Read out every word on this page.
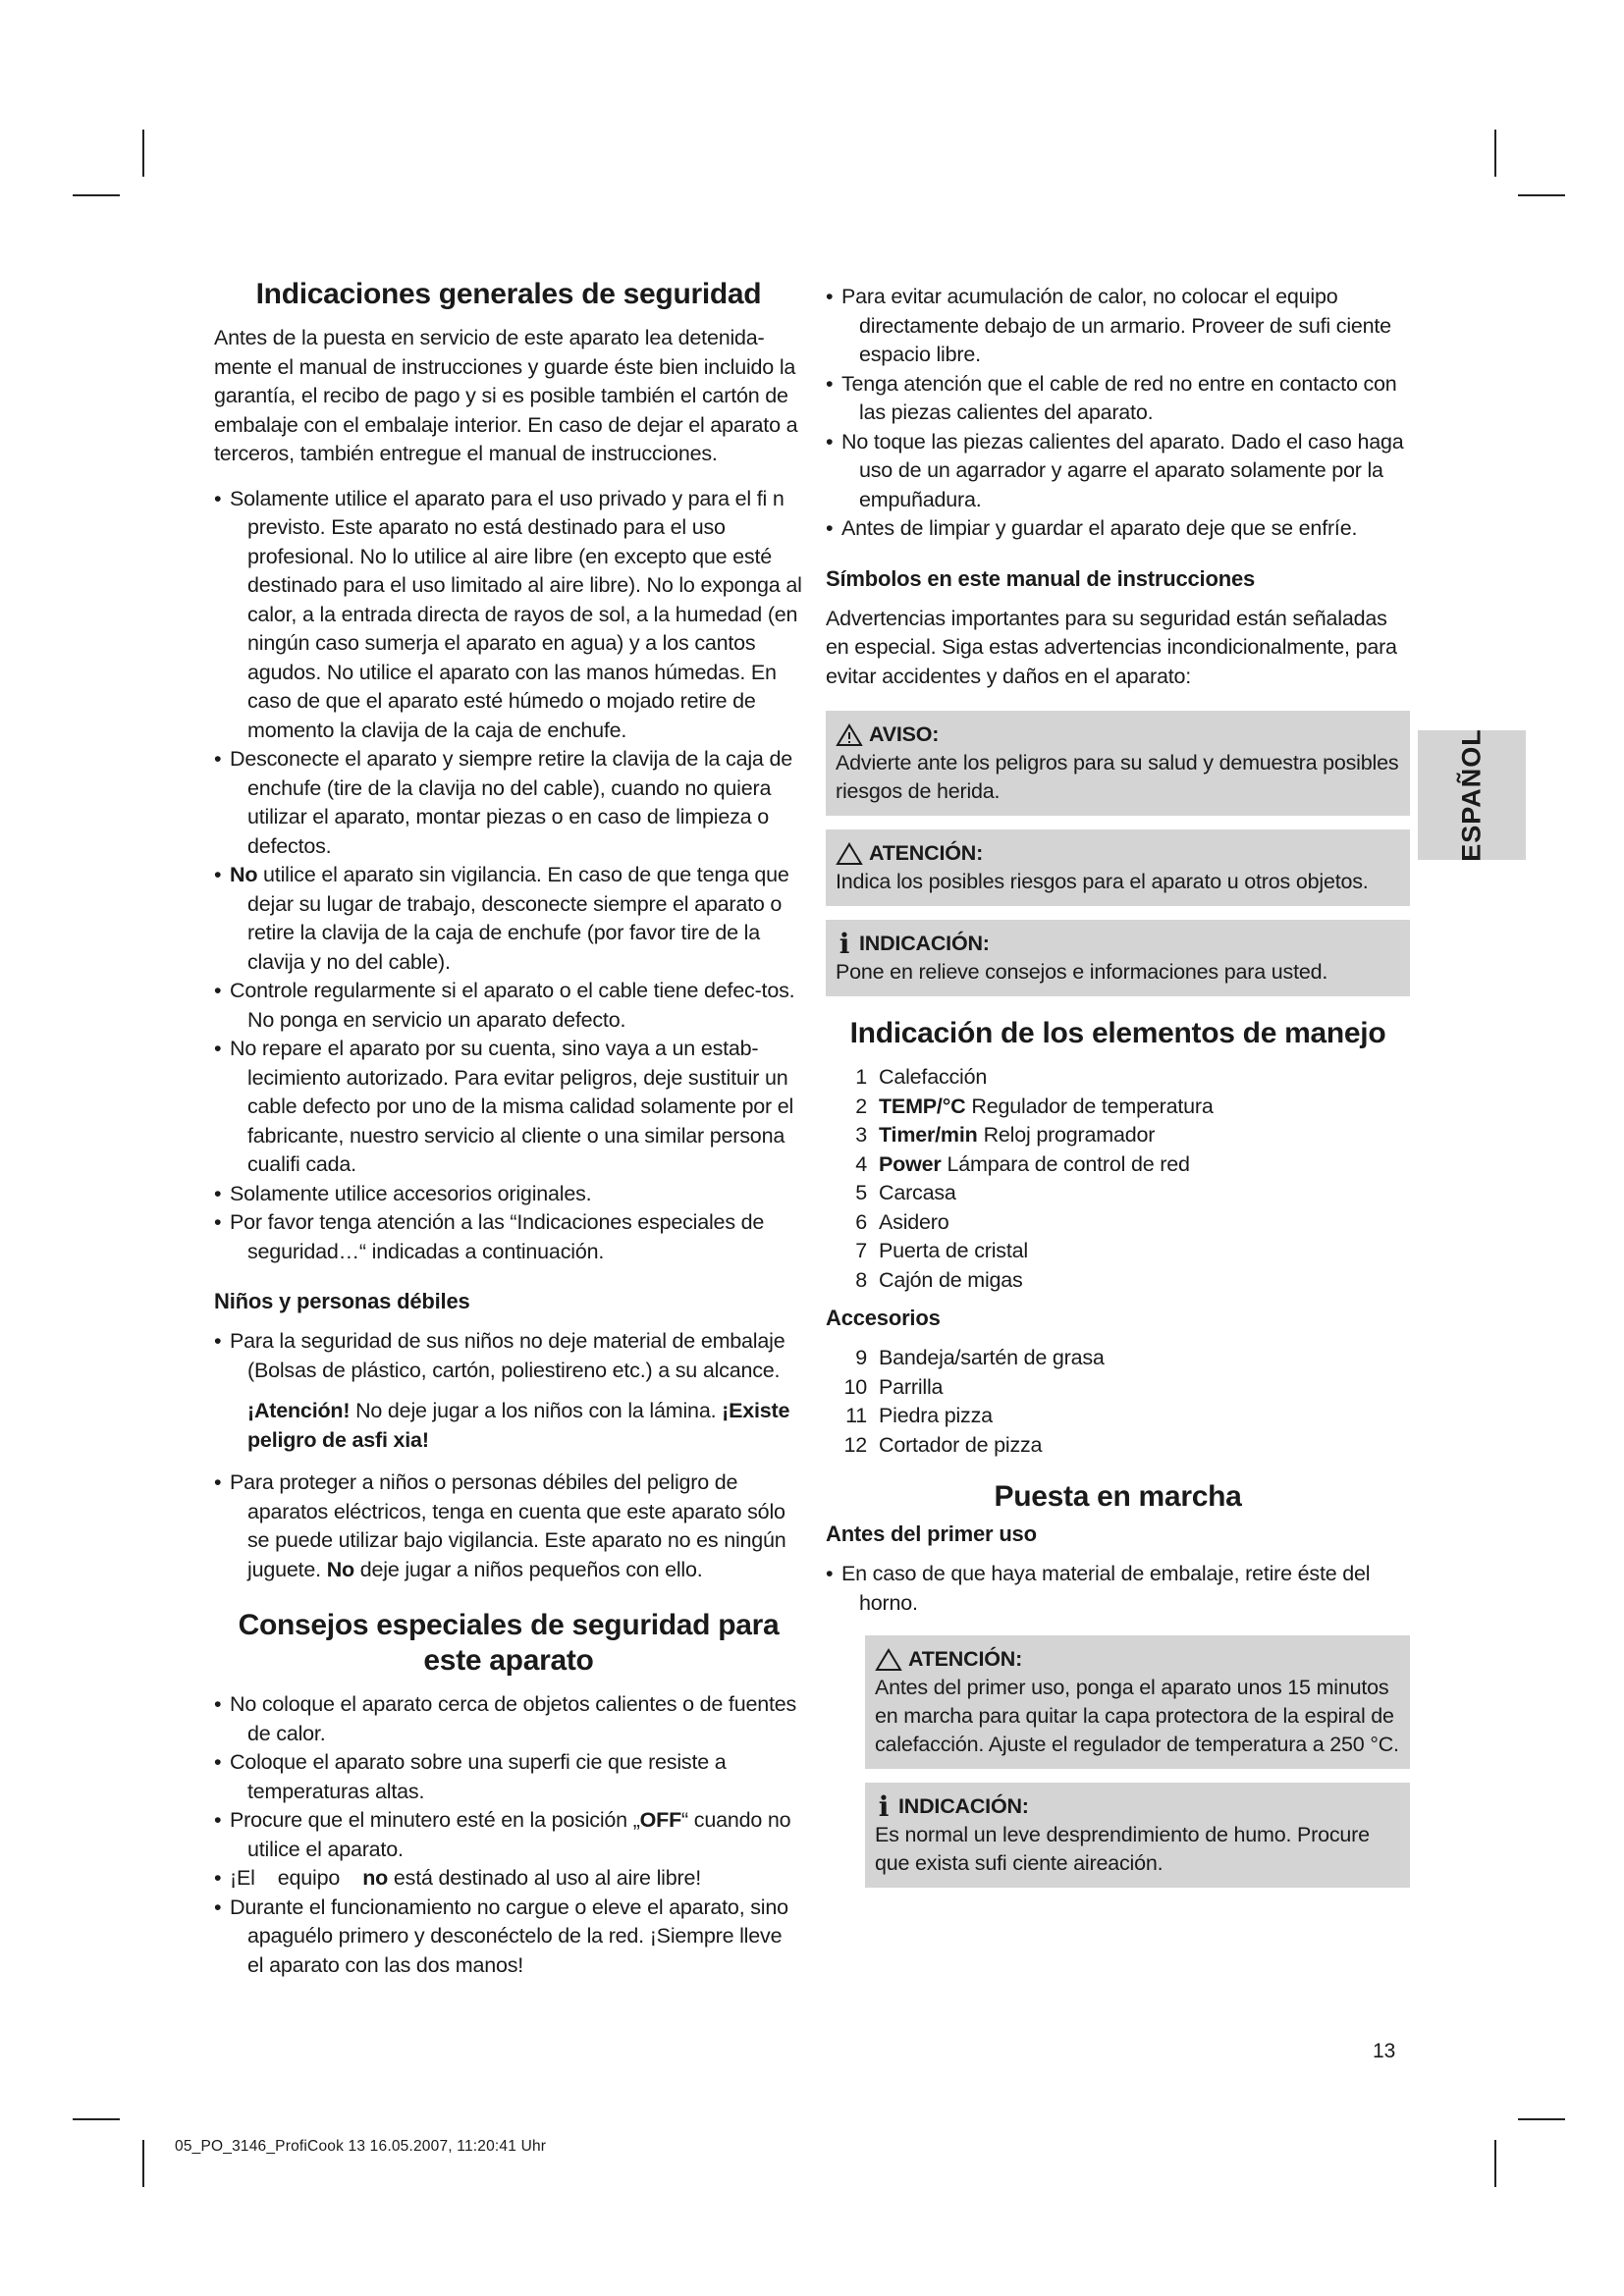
Indicaciones generales de seguridad

Antes de la puesta en servicio de este aparato lea detenida-mente el manual de instrucciones y guarde éste bien incluido la garantía, el recibo de pago y si es posible también el cartón de embalaje con el embalaje interior. En caso de dejar el aparato a terceros, también entregue el manual de instrucciones.

• Solamente utilice el aparato para el uso privado y para el fi n previsto. Este aparato no está destinado para el uso profesional. No lo utilice al aire libre (en excepto que esté destinado para el uso limitado al aire libre). No lo exponga al calor, a la entrada directa de rayos de sol, a la humedad (en ningún caso sumerja el aparato en agua) y a los cantos agudos. No utilice el aparato con las manos húmedas. En caso de que el aparato esté húmedo o mojado retire de momento la clavija de la caja de enchufe.
• Desconecte el aparato y siempre retire la clavija de la caja de enchufe (tire de la clavija no del cable), cuando no quiera utilizar el aparato, montar piezas o en caso de limpieza o defectos.
• No utilice el aparato sin vigilancia. En caso de que tenga que dejar su lugar de trabajo, desconecte siempre el aparato o retire la clavija de la caja de enchufe (por favor tire de la clavija y no del cable).
• Controle regularmente si el aparato o el cable tiene defec-tos. No ponga en servicio un aparato defecto.
• No repare el aparato por su cuenta, sino vaya a un estab-lecimiento autorizado. Para evitar peligros, deje sustituir un cable defecto por uno de la misma calidad solamente por el fabricante, nuestro servicio al cliente o una similar persona cualifi cada.
• Solamente utilice accesorios originales.
• Por favor tenga atención a las “Indicaciones especiales de seguridad…“ indicadas a continuación.
Niños y personas débiles
• Para la seguridad de sus niños no deje material de embalaje (Bolsas de plástico, cartón, poliestireno etc.) a su alcance.

¡Atención! No deje jugar a los niños con la lámina. ¡Existe peligro de asfi xia!

• Para proteger a niños o personas débiles del peligro de aparatos eléctricos, tenga en cuenta que este aparato sólo se puede utilizar bajo vigilancia. Este aparato no es ningún juguete. No deje jugar a niños pequeños con ello.
Consejos especiales de seguridad para este aparato
• No coloque el aparato cerca de objetos calientes o de fuentes de calor.
• Coloque el aparato sobre una superfi cie que resiste a temperaturas altas.
• Procure que el minutero esté en la posición „OFF“ cuando no utilice el aparato.
• ¡El    equipo    no está destinado al uso al aire libre!
• Durante el funcionamiento no cargue o eleve el aparato, sino apaguélo primero y desconéctelo de la red. ¡Siempre lleve el aparato con las dos manos!
• Para evitar acumulación de calor, no colocar el equipo directamente debajo de un armario. Proveer de sufi ciente espacio libre.
• Tenga atención que el cable de red no entre en contacto con las piezas calientes del aparato.
• No toque las piezas calientes del aparato. Dado el caso haga uso de un agarrador y agarre el aparato solamente por la empuñadura.
• Antes de limpiar y guardar el aparato deje que se enfríe.
Símbolos en este manual de instrucciones

Advertencias importantes para su seguridad están señaladas en especial. Siga estas advertencias incondicionalmente, para evitar accidentes y daños en el aparato:

AVISO:

Advierte ante los peligros para su salud y demuestra posibles riesgos de herida.

ATENCIÓN:

Indica los posibles riesgos para el aparato u otros objetos.

i INDICACIÓN:

Pone en relieve consejos e informaciones para usted.

Indicación de los elementos de manejo
1 Calefacción
2 TEMP/°C Regulador de temperatura
3 Timer/min Reloj programador
4 Power Lámpara de control de red
5 Carcasa
6 Asidero
7 Puerta de cristal
8 Cajón de migas
Accesorios
9 Bandeja/sartén de grasa
10 Parrilla
11 Piedra pizza
12 Cortador de pizza
Puesta en marcha
Antes del primer uso
• En caso de que haya material de embalaje, retire éste del horno.
ATENCIÓN:

Antes del primer uso, ponga el aparato unos 15 minutos en marcha para quitar la capa protectora de la espiral de calefacción. Ajuste el regulador de temperatura a 250 °C.

i INDICACIÓN:

Es normal un leve desprendimiento de humo. Procure que exista sufi ciente aireación.

ESPAÑOL
13
05_PO_3146_ProfiCook 13 16.05.2007, 11:20:41 Uhr
